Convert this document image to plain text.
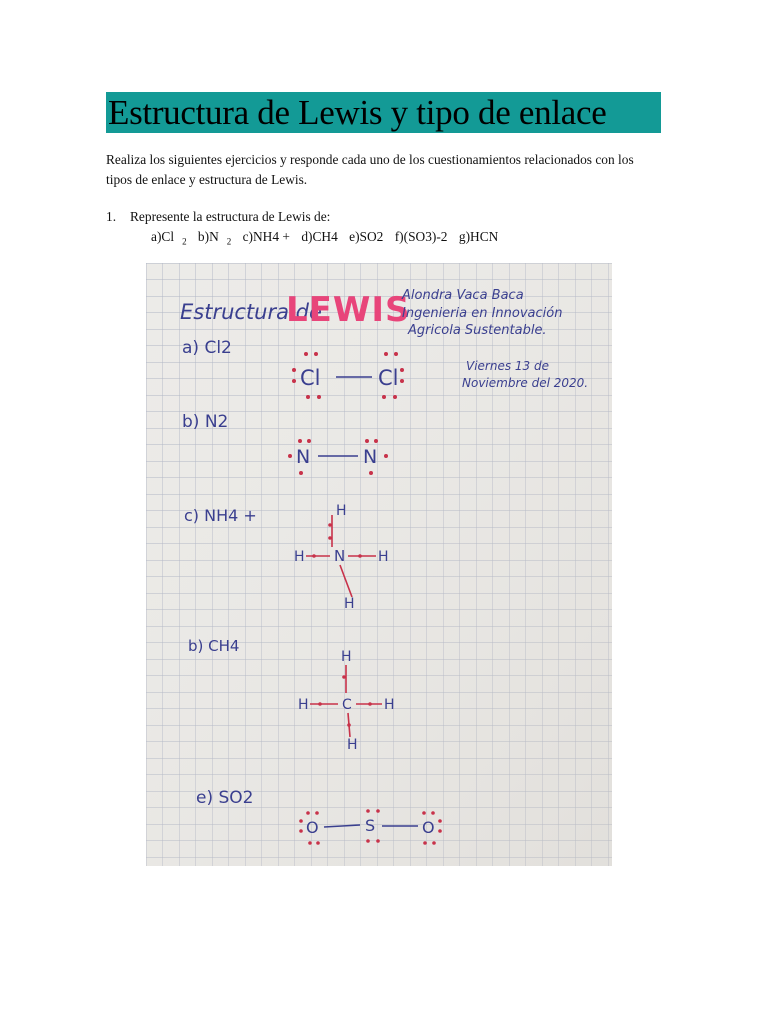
Estructura de Lewis y tipo de enlace

Realiza los siguientes ejercicios y responde cada uno de los cuestionamientos relacionados con los tipos de enlace y estructura de Lewis.

1. Represente la estructura de Lewis de:
a)Cl $_2$ b)N $_2$ c)NH4 + d)CH4 e)SO2 f)(SO3)-2 g)HCN
Estructura de
LEWIS
Alondra Vaca Baca
Ingenieria en Innovación
Agricola Sustentable.
Viernes 13 de
Noviembre del 2020.
a) Cl2
Cl	Cl
b) N2
N	N
c) NH4 +	H
H N H
H
b) CH4
H
H C H
H
e) SO2
O	S	O
